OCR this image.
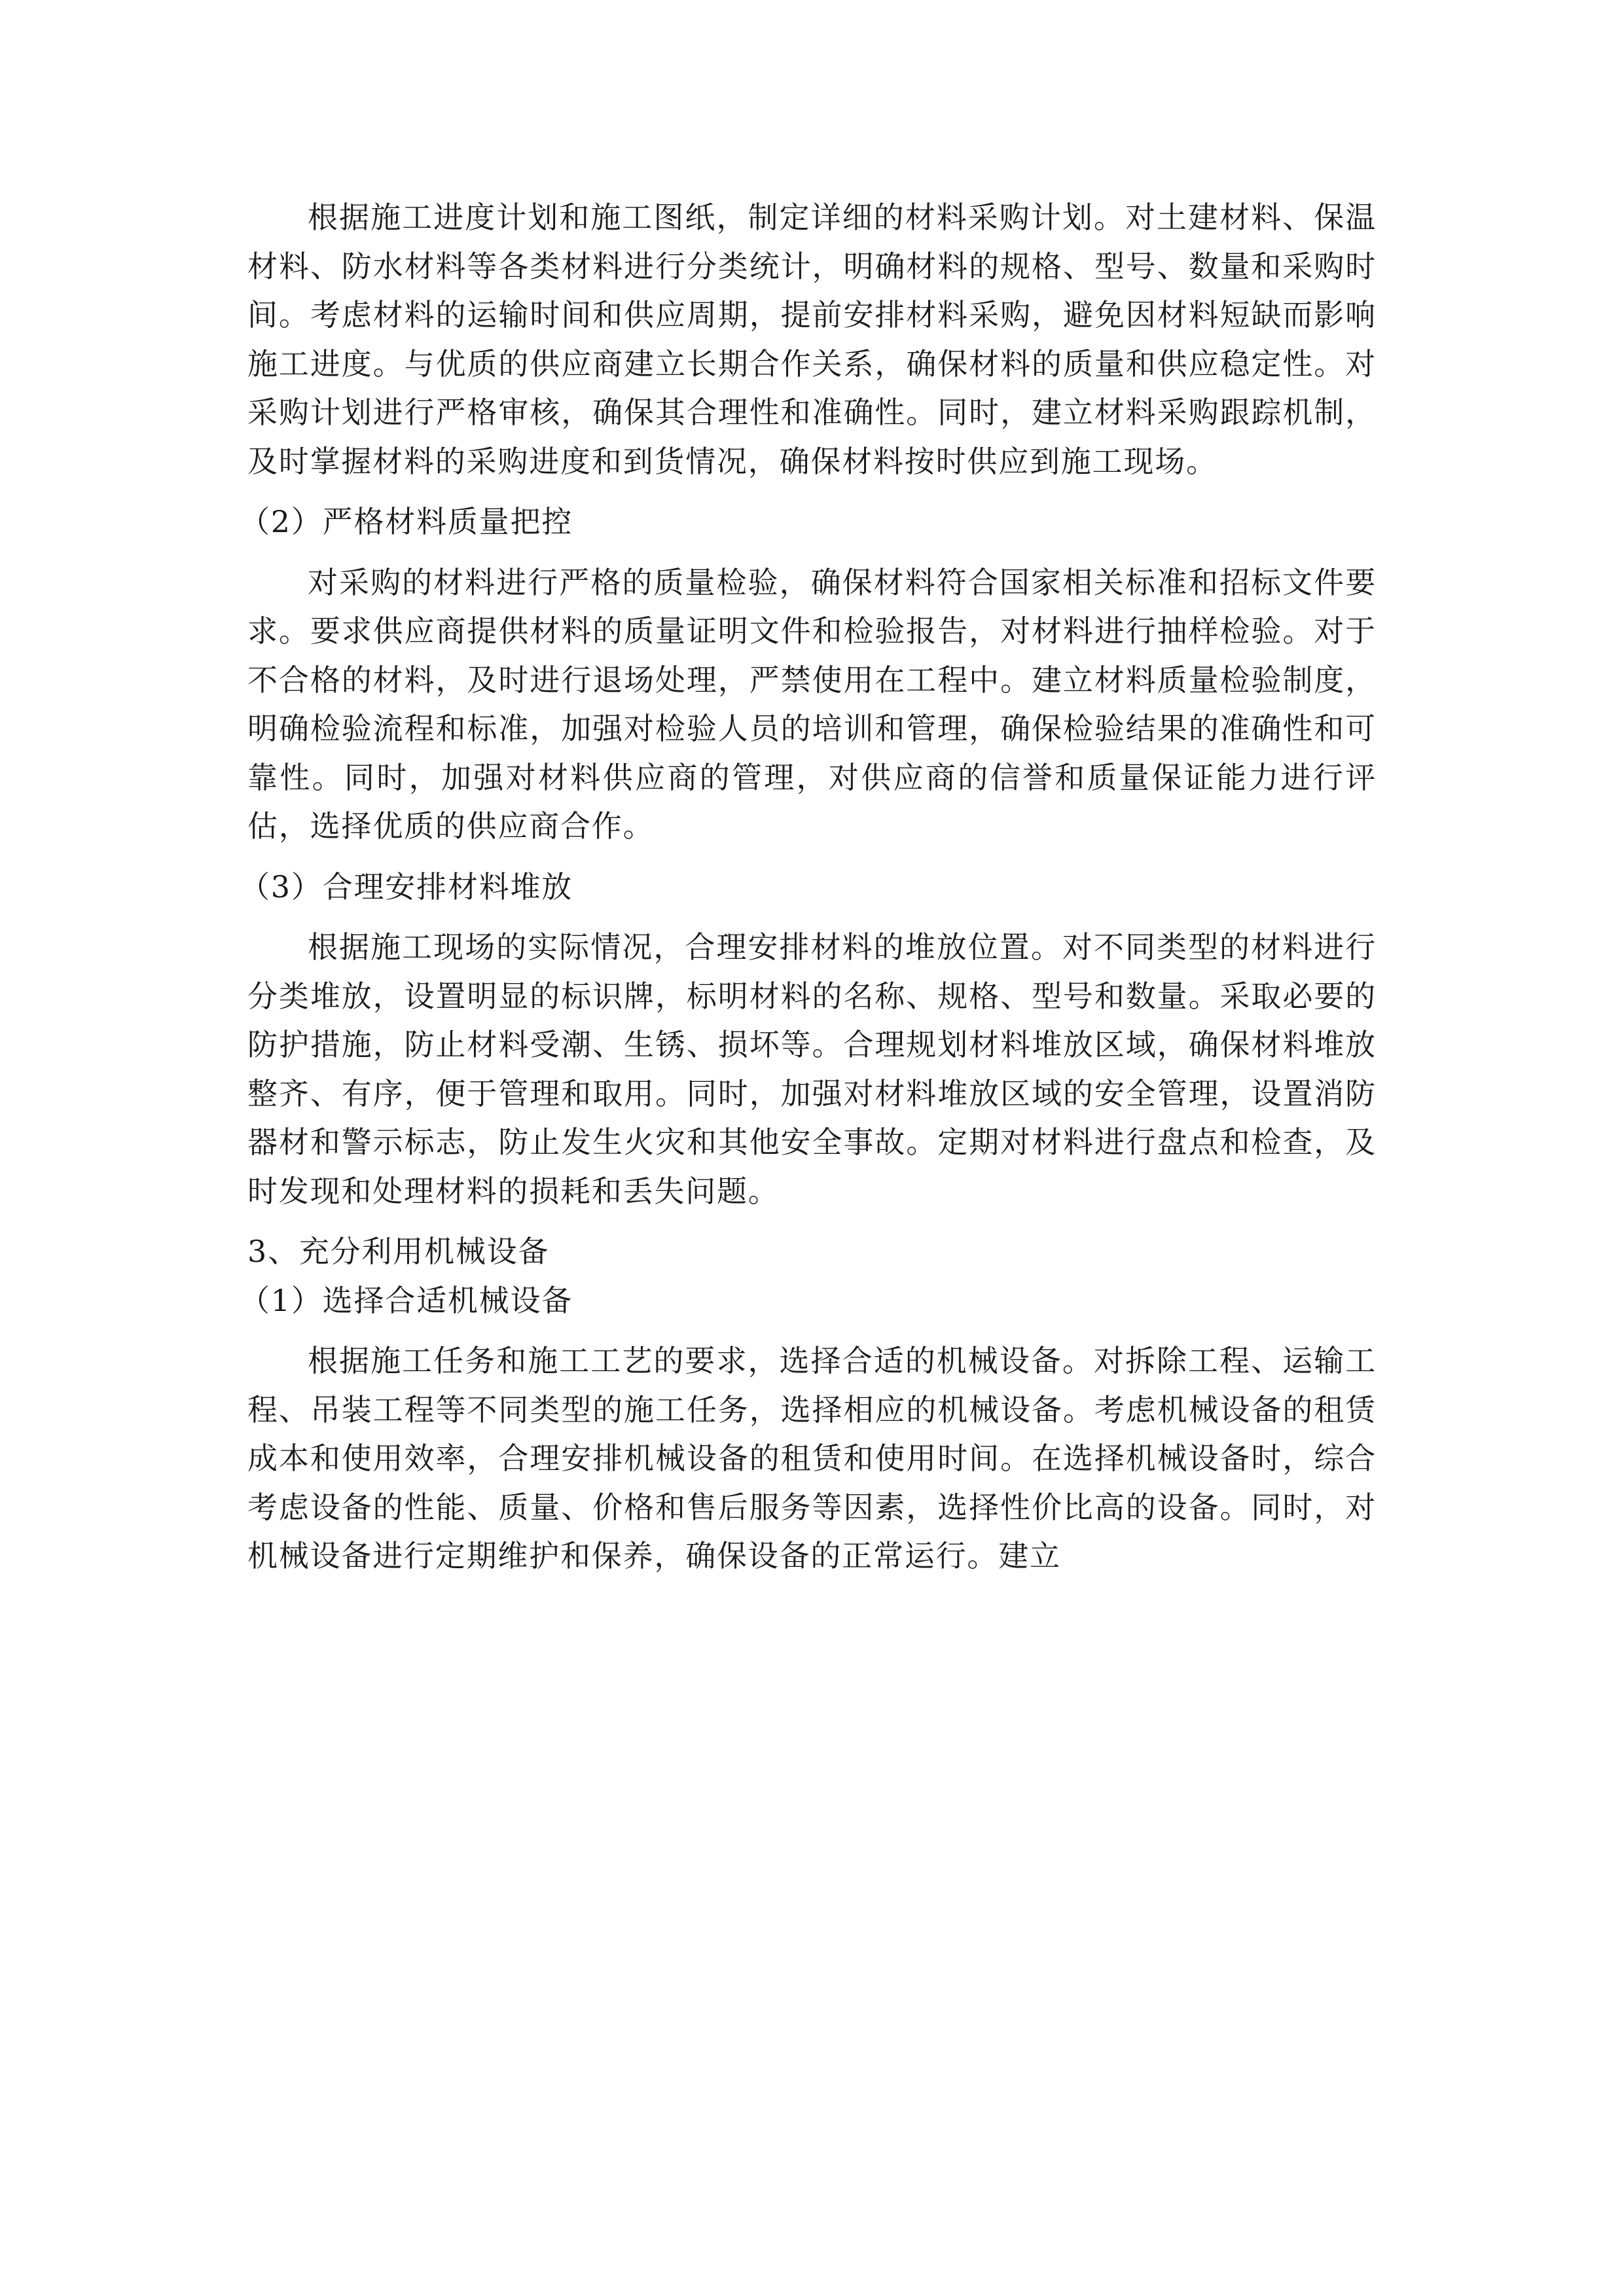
根据施工进度计划和施工图纸，制定详细的材料采购计划。对土建材料、保温材料、防水材料等各类材料进行分类统计，明确材料的规格、型号、数量和采购时间。考虑材料的运输时间和供应周期，提前安排材料采购，避免因材料短缺而影响施工进度。与优质的供应商建立长期合作关系，确保材料的质量和供应稳定性。对采购计划进行严格审核，确保其合理性和准确性。同时，建立材料采购跟踪机制，及时掌握材料的采购进度和到货情况，确保材料按时供应到施工现场。

（2）严格材料质量把控

对采购的材料进行严格的质量检验，确保材料符合国家相关标准和招标文件要求。要求供应商提供材料的质量证明文件和检验报告，对材料进行抽样检验。对于不合格的材料，及时进行退场处理，严禁使用在工程中。建立材料质量检验制度，明确检验流程和标准，加强对检验人员的培训和管理，确保检验结果的准确性和可靠性。同时，加强对材料供应商的管理，对供应商的信誉和质量保证能力进行评估，选择优质的供应商合作。

（3）合理安排材料堆放

根据施工现场的实际情况，合理安排材料的堆放位置。对不同类型的材料进行分类堆放，设置明显的标识牌，标明材料的名称、规格、型号和数量。采取必要的防护措施，防止材料受潮、生锈、损坏等。合理规划材料堆放区域，确保材料堆放整齐、有序，便于管理和取用。同时，加强对材料堆放区域的安全管理，设置消防器材和警示标志，防止发生火灾和其他安全事故。定期对材料进行盘点和检查，及时发现和处理材料的损耗和丢失问题。

3、充分利用机械设备

（1）选择合适机械设备

根据施工任务和施工工艺的要求，选择合适的机械设备。对拆除工程、运输工程、吊装工程等不同类型的施工任务，选择相应的机械设备。考虑机械设备的租赁成本和使用效率，合理安排机械设备的租赁和使用时间。在选择机械设备时，综合考虑设备的性能、质量、价格和售后服务等因素，选择性价比高的设备。同时，对机械设备进行定期维护和保养，确保设备的正常运行。建立
